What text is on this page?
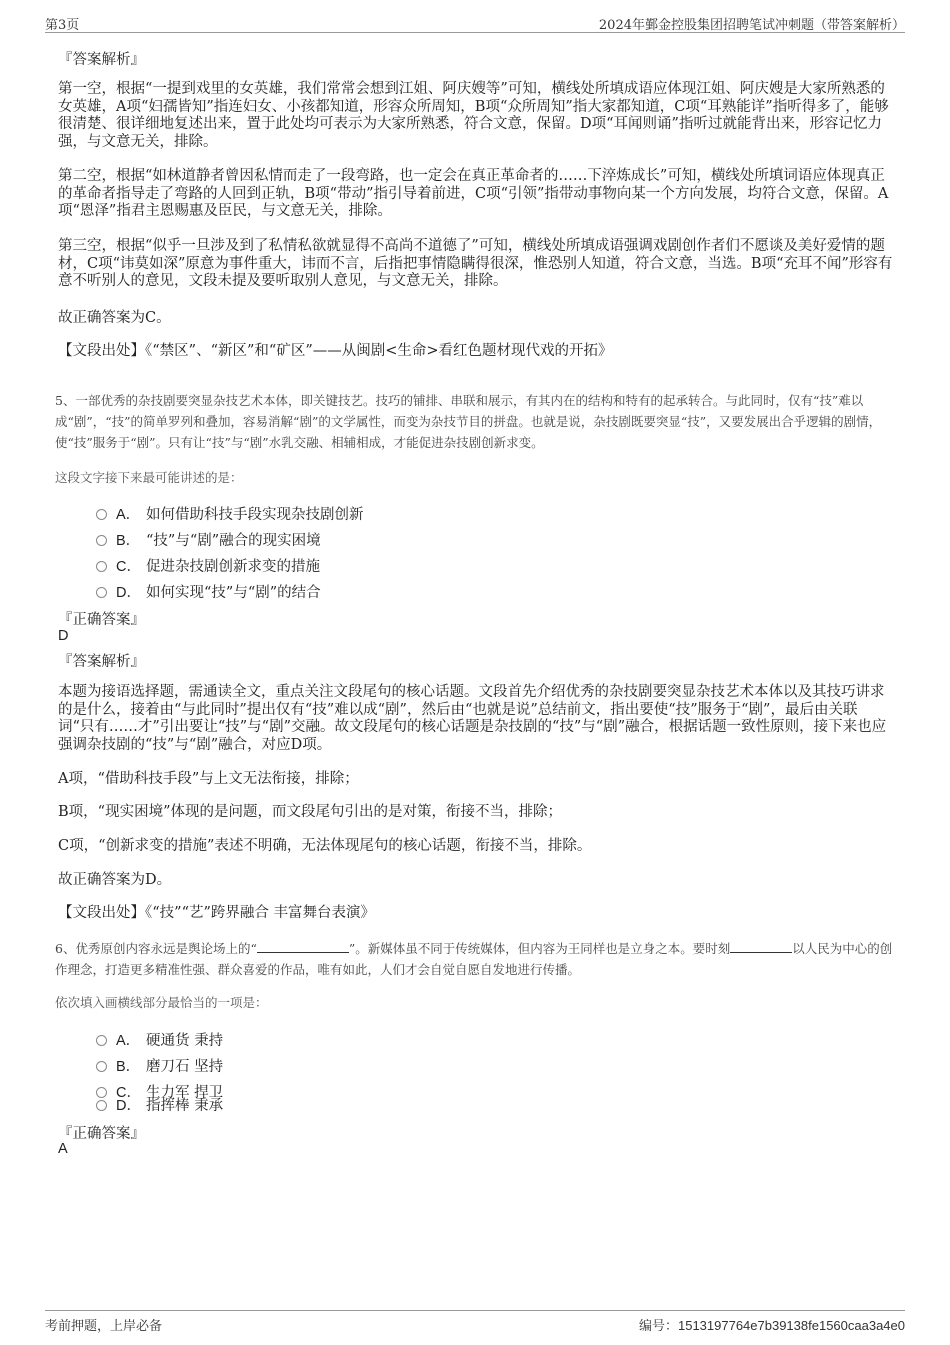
第3页	2024年鄞金控股集团招聘笔试冲刺题（带答案解析）
『答案解析』
第一空，根据“一提到戏里的女英雄，我们常常会想到江姐、阿庆嫂等”可知，横线处所填成语应体现江姐、阿庆嫂是大家所熟悉的女英雄，A项“妇孺皆知”指连妇女、小孩都知道，形容众所周知，B项“众所周知”指大家都知道，C项“耳熟能详”指听得多了，能够很清楚、很详细地复述出来，置于此处均可表示为大家所熟悉，符合文意，保留。D项“耳闻则诵”指听过就能背出来，形容记忆力强，与文意无关，排除。
第二空，根据“如林道静者曾因私情而走了一段弯路，也一定会在真正革命者的……下淬炼成长”可知，横线处所填词语应体现真正的革命者指导走了弯路的人回到正轨，B项“带动”指引导着前进，C项“引领”指带动事物向某一个方向发展，均符合文意，保留。A项“恩泽”指君主恩赐惠及臣民，与文意无关，排除。
第三空，根据“似乎一旦涉及到了私情私欲就显得不高尚不道德了”可知，横线处所填成语强调戏剧创作者们不愿谈及美好爱情的题材，C项“讳莫如深”原意为事件重大，讳而不言，后指把事情隐瞒得很深，惟恐别人知道，符合文意，当选。B项“充耳不闻”形容有意不听别人的意见，文段未提及要听取别人意见，与文意无关，排除。
故正确答案为C。
【文段出处】《“禁区”、“新区”和“矿区”——从闽剧<生命>看红色题材现代戏的开拓》
5、一部优秀的杂技剧要突显杂技艺术本体，即关键技艺。技巧的铺排、串联和展示，有其内在的结构和特有的起承转合。与此同时，仅有“技”难以成“剧”，“技”的简单罗列和叠加，容易消解“剧”的文学属性，而变为杂技节目的拼盘。也就是说，杂技剧既要突显“技”，又要发展出合乎逻辑的剧情，使“技”服务于“剧”。只有让“技”与“剧”水乳交融、相辅相成，才能促进杂技剧创新求变。
这段文字接下来最可能讲述的是：
A． 如何借助科技手段实现杂技剧创新
B． “技”与“剧”融合的现实困境
C． 促进杂技剧创新求变的措施
D． 如何实现“技”与“剧”的结合
『正确答案』
D
『答案解析』
本题为接语选择题，需通读全文，重点关注文段尾句的核心话题。文段首先介绍优秀的杂技剧要突显杂技艺术本体以及其技巧讲求的是什么，接着由“与此同时”提出仅有“技”难以成“剧”，然后由“也就是说”总结前文，指出要使“技”服务于“剧”，最后由关联词“只有……才”引出要让“技”与“剧”交融。故文段尾句的核心话题是杂技剧的“技”与“剧”融合，根据话题一致性原则，接下来也应强调杂技剧的“技”与“剧”融合，对应D项。
A项，“借助科技手段”与上文无法衔接，排除；
B项，“现实困境”体现的是问题，而文段尾句引出的是对策，衔接不当，排除；
C项，“创新求变的措施”表述不明确，无法体现尾句的核心话题，衔接不当，排除。
故正确答案为D。
【文段出处】《“技”“艺”跨界融合 丰富舞台表演》
6、优秀原创内容永远是舆论场上的“	”。新媒体虽不同于传统媒体，但内容为王同样也是立身之本。要时刻	以人民为中心的创作理念，打造更多精准性强、群众喜爱的作品，唯有如此，人们才会自觉自愿自发地进行传播。
依次填入画横线部分最恰当的一项是：
A． 硬通货 秉持
B． 磨刀石 坚持
C． 生力军 捍卫
D． 指挥棒 秉承
『正确答案』
A
考前押题，上岸必备	编号：1513197764e7b39138fe1560caa3a4e0
